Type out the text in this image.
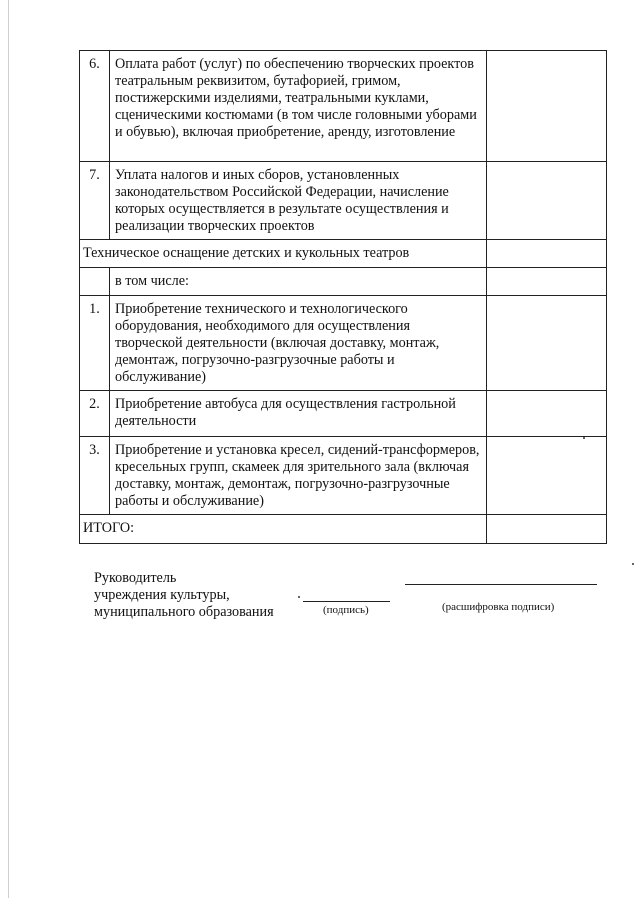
6.	Оплата работ (услуг) по обеспечению творческих проектов театральным реквизитом, бутафорией, гримом, постижерскими изделиями, театральными куклами, сценическими костюмами (в том числе головными уборами и обувью), включая приобретение, аренду, изготовление	
7.	Уплата налогов и иных сборов, установленных законодательством Российской Федерации, начисление которых осуществляется в результате осуществления и реализации творческих проектов	
Техническое оснащение детских и кукольных театров		
	в том числе:	
1.	Приобретение технического и технологического оборудования, необходимого для осуществления творческой деятельности (включая доставку, монтаж, демонтаж, погрузочно-разгрузочные работы и обслуживание)	
2.	Приобретение автобуса для осуществления гастрольной деятельности	
3.	Приобретение и установка кресел, сидений-трансформеров, кресельных групп, скамеек для зрительного зала (включая доставку, монтаж, демонтаж, погрузочно-разгрузочные работы и обслуживание)	
ИТОГО:		
Руководитель
учреждения культуры,
муниципального образования	(подпись)	(расшифровка подписи)
